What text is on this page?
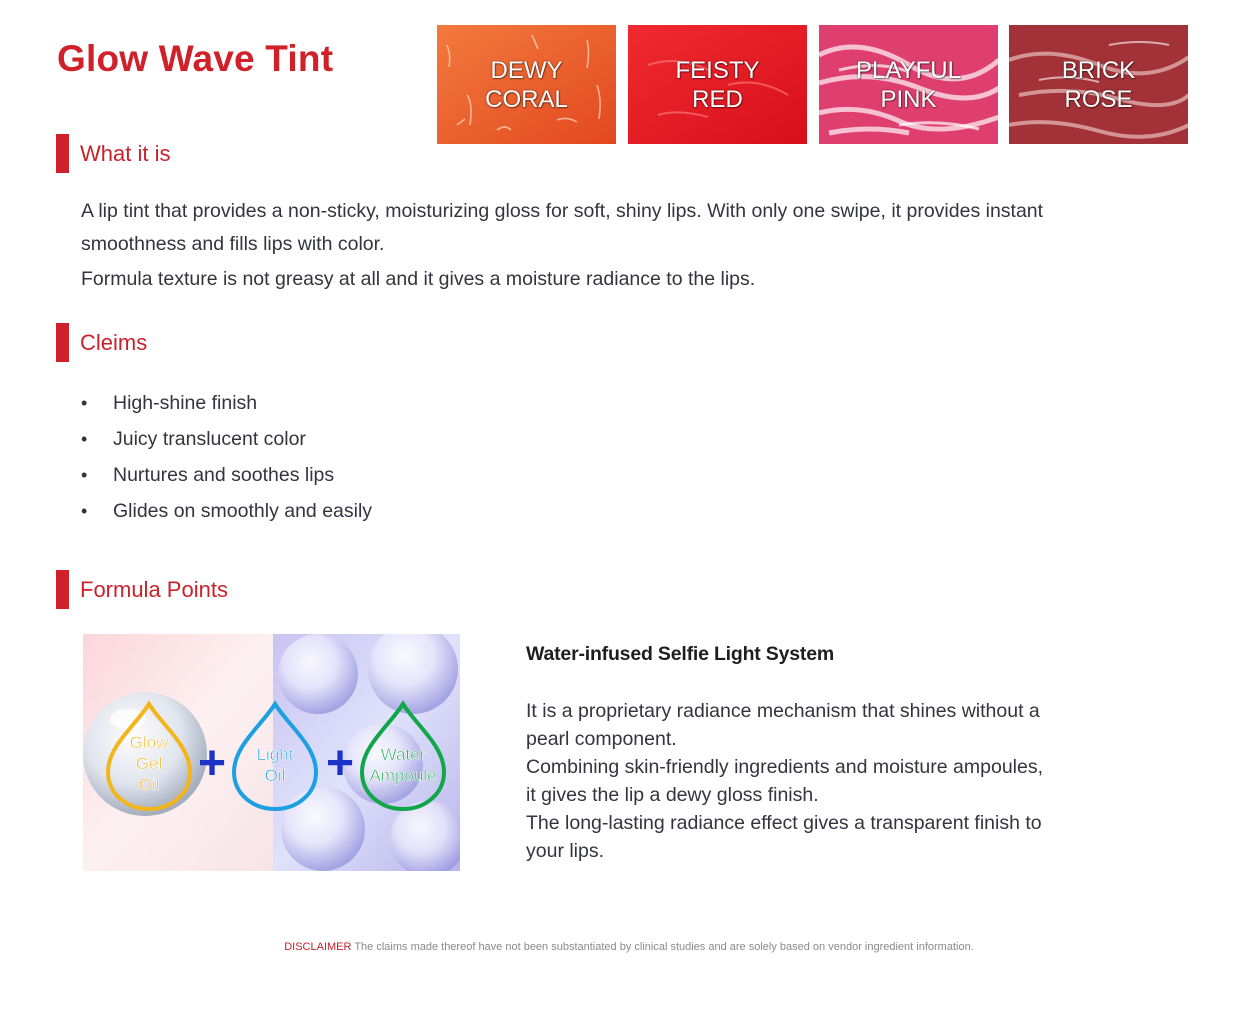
Glow Wave Tint	DEWY
CORAL
FEISTY
RED
PLAYFUL
PINK
BRICK
ROSE
What it is

A lip tint that provides a non-sticky, moisturizing gloss for soft, shiny lips. With only one swipe, it provides instant

smoothness and fills lips with color.

Formula texture is not greasy at all and it gives a moisture radiance to the lips.

Cleims
•	High-shine finish
•	Juicy translucent color
•	Nurtures and soothes lips
•	Glides on smoothly and easily
Formula Points
Glow
Gel
Oil
Light
Oil
Water
Ampoule
+ +
Water-infused Selfie Light System

It is a proprietary radiance mechanism that shines without a

pearl component.

Combining skin-friendly ingredients and moisture ampoules,

it gives the lip a dewy gloss finish.

The long-lasting radiance effect gives a transparent finish to

your lips.

DISCLAIMER The claims made thereof have not been substantiated by clinical studies and are solely based on vendor ingredient information.
